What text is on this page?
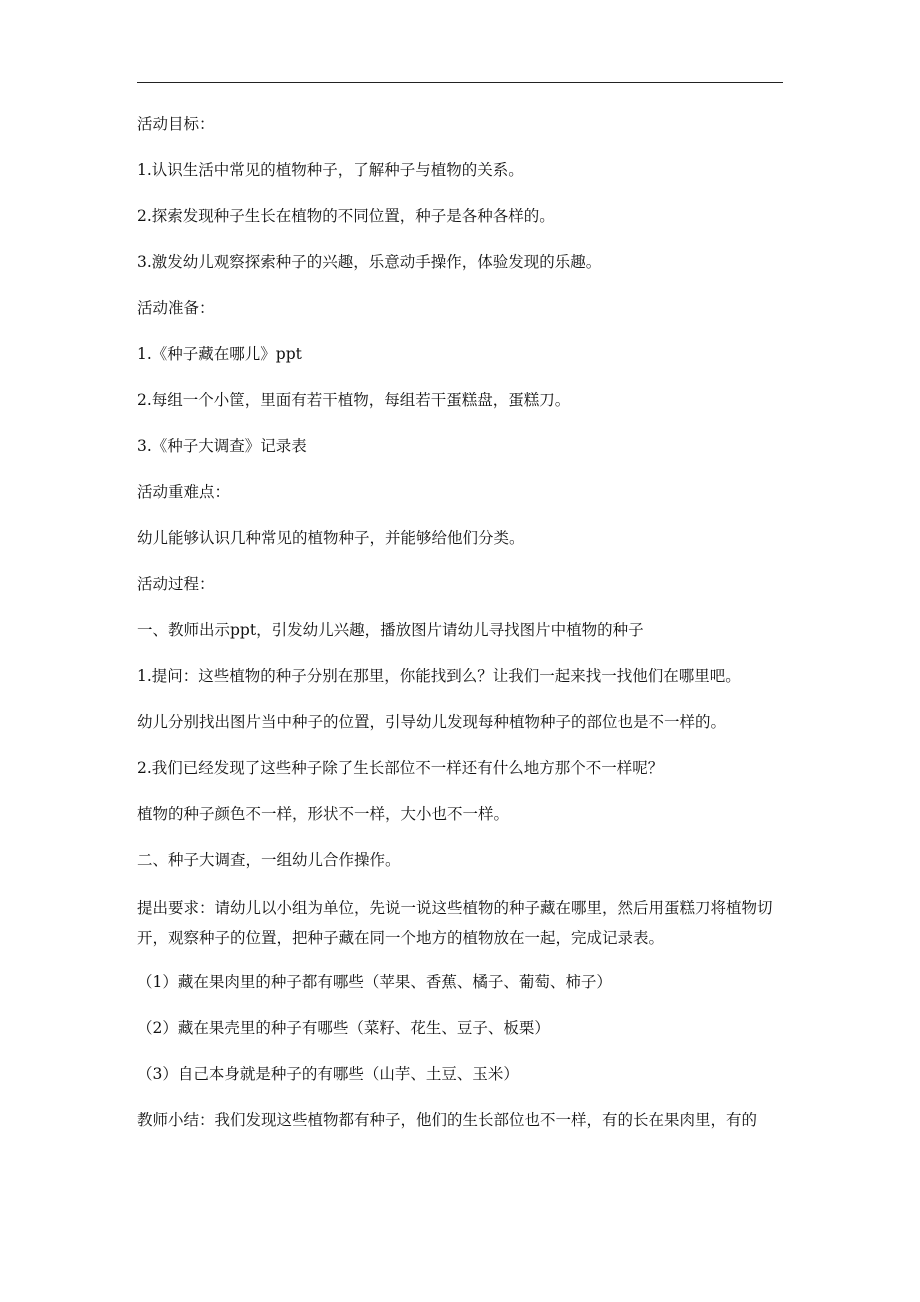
活动目标：

1.认识生活中常见的植物种子，了解种子与植物的关系。

2.探索发现种子生长在植物的不同位置，种子是各种各样的。

3.激发幼儿观察探索种子的兴趣，乐意动手操作，体验发现的乐趣。

活动准备：

1.《种子藏在哪儿》ppt

2.每组一个小筐，里面有若干植物，每组若干蛋糕盘，蛋糕刀。

3.《种子大调查》记录表

活动重难点：

幼儿能够认识几种常见的植物种子，并能够给他们分类。

活动过程：

一、教师出示ppt，引发幼儿兴趣，播放图片请幼儿寻找图片中植物的种子

1.提问：这些植物的种子分别在那里，你能找到么？让我们一起来找一找他们在哪里吧。

幼儿分别找出图片当中种子的位置，引导幼儿发现每种植物种子的部位也是不一样的。

2.我们已经发现了这些种子除了生长部位不一样还有什么地方那个不一样呢？

植物的种子颜色不一样，形状不一样，大小也不一样。

二、种子大调查，一组幼儿合作操作。

提出要求：请幼儿以小组为单位，先说一说这些植物的种子藏在哪里，然后用蛋糕刀将植物切开，观察种子的位置，把种子藏在同一个地方的植物放在一起，完成记录表。

（1）藏在果肉里的种子都有哪些（苹果、香蕉、橘子、葡萄、柿子）

（2）藏在果壳里的种子有哪些（菜籽、花生、豆子、板栗）

（3）自己本身就是种子的有哪些（山芋、土豆、玉米）

教师小结：我们发现这些植物都有种子，他们的生长部位也不一样，有的长在果肉里，有的
